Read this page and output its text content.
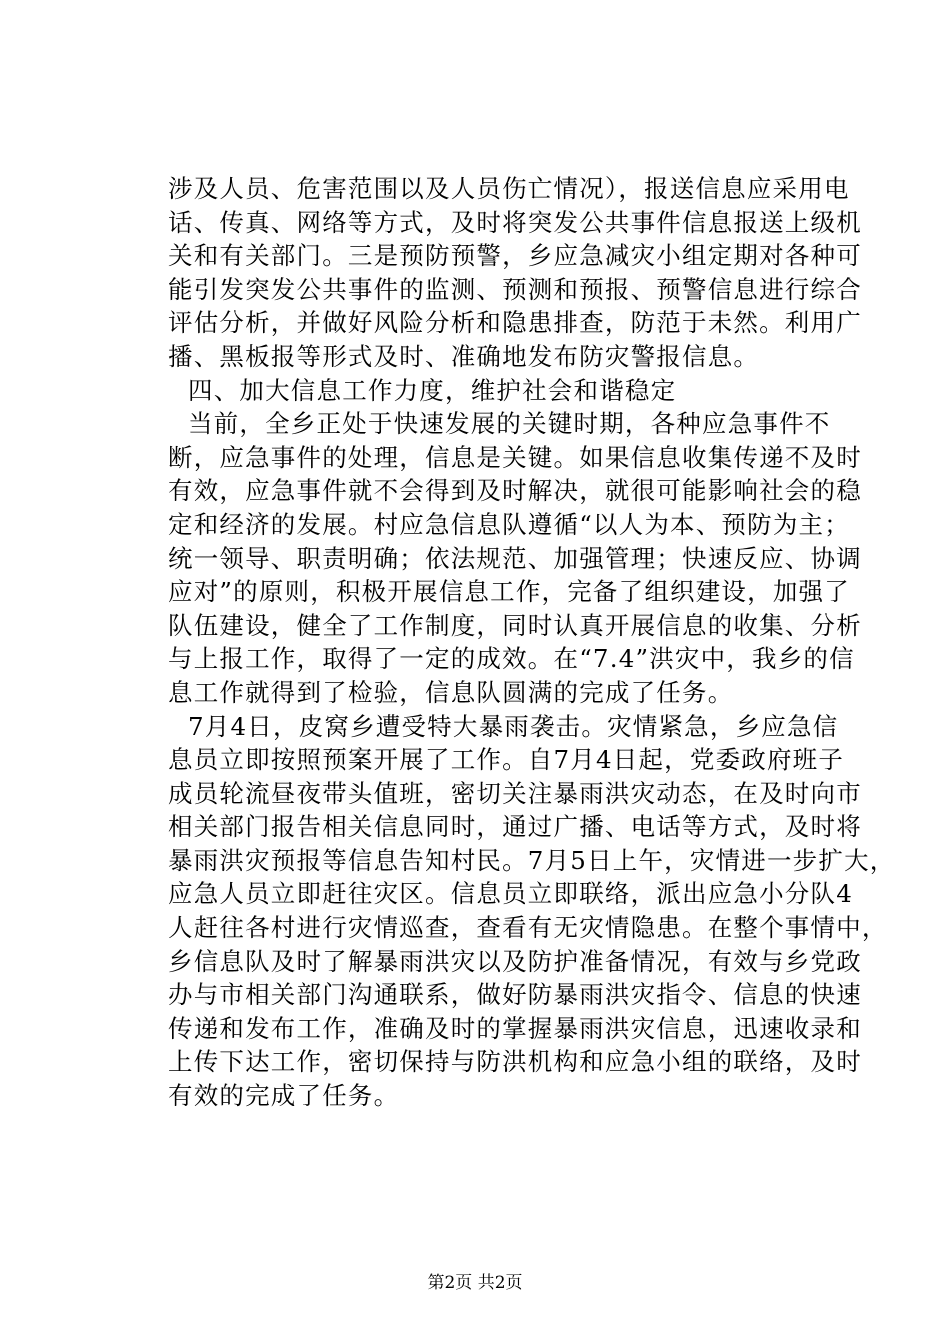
涉及人员、危害范围以及人员伤亡情况），报送信息应采用电
话、传真、网络等方式，及时将突发公共事件信息报送上级机
关和有关部门。三是预防预警，乡应急减灾小组定期对各种可
能引发突发公共事件的监测、预测和预报、预警信息进行综合
评估分析，并做好风险分析和隐患排查，防范于未然。利用广
播、黑板报等形式及时、准确地发布防灾警报信息。
四、加大信息工作力度，维护社会和谐稳定
当前，全乡正处于快速发展的关键时期，各种应急事件不
断，应急事件的处理，信息是关键。如果信息收集传递不及时
有效，应急事件就不会得到及时解决，就很可能影响社会的稳
定和经济的发展。村应急信息队遵循“以人为本、预防为主；
统一领导、职责明确；依法规范、加强管理；快速反应、协调
应对”的原则，积极开展信息工作，完备了组织建设，加强了
队伍建设，健全了工作制度，同时认真开展信息的收集、分析
与上报工作，取得了一定的成效。在“7.4”洪灾中，我乡的信
息工作就得到了检验，信息队圆满的完成了任务。
7月4日，皮窝乡遭受特大暴雨袭击。灾情紧急，乡应急信
息员立即按照预案开展了工作。自7月4日起，党委政府班子
成员轮流昼夜带头值班，密切关注暴雨洪灾动态，在及时向市
相关部门报告相关信息同时，通过广播、电话等方式，及时将
暴雨洪灾预报等信息告知村民。7月5日上午，灾情进一步扩大，
应急人员立即赶往灾区。信息员立即联络，派出应急小分队4
人赶往各村进行灾情巡查，查看有无灾情隐患。在整个事情中，
乡信息队及时了解暴雨洪灾以及防护准备情况，有效与乡党政
办与市相关部门沟通联系，做好防暴雨洪灾指令、信息的快速
传递和发布工作，准确及时的掌握暴雨洪灾信息，迅速收录和
上传下达工作，密切保持与防洪机构和应急小组的联络，及时
有效的完成了任务。
第2页 共2页
